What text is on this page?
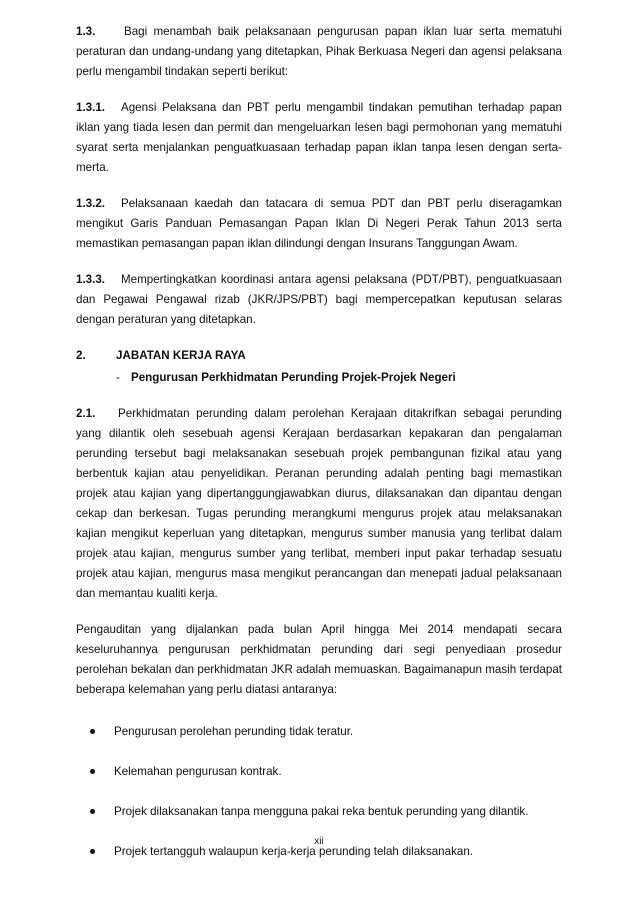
1.3. Bagi menambah baik pelaksanaan pengurusan papan iklan luar serta mematuhi peraturan dan undang-undang yang ditetapkan, Pihak Berkuasa Negeri dan agensi pelaksana perlu mengambil tindakan seperti berikut:

1.3.1. Agensi Pelaksana dan PBT perlu mengambil tindakan pemutihan terhadap papan iklan yang tiada lesen dan permit dan mengeluarkan lesen bagi permohonan yang mematuhi syarat serta menjalankan penguatkuasaan terhadap papan iklan tanpa lesen dengan serta-merta.

1.3.2. Pelaksanaan kaedah dan tatacara di semua PDT dan PBT perlu diseragamkan mengikut Garis Panduan Pemasangan Papan Iklan Di Negeri Perak Tahun 2013 serta memastikan pemasangan papan iklan dilindungi dengan Insurans Tanggungan Awam.

1.3.3. Mempertingkatkan koordinasi antara agensi pelaksana (PDT/PBT), penguatkuasaan dan Pegawai Pengawal rizab (JKR/JPS/PBT) bagi mempercepatkan keputusan selaras dengan peraturan yang ditetapkan.

2.	JABATAN KERJA RAYA
- Pengurusan Perkhidmatan Perunding Projek-Projek Negeri

2.1. Perkhidmatan perunding dalam perolehan Kerajaan ditakrifkan sebagai perunding yang dilantik oleh sesebuah agensi Kerajaan berdasarkan kepakaran dan pengalaman perunding tersebut bagi melaksanakan sesebuah projek pembangunan fizikal atau yang berbentuk kajian atau penyelidikan. Peranan perunding adalah penting bagi memastikan projek atau kajian yang dipertanggungjawabkan diurus, dilaksanakan dan dipantau dengan cekap dan berkesan. Tugas perunding merangkumi mengurus projek atau melaksanakan kajian mengikut keperluan yang ditetapkan, mengurus sumber manusia yang terlibat dalam projek atau kajian, mengurus sumber yang terlibat, memberi input pakar terhadap sesuatu projek atau kajian, mengurus masa mengikut perancangan dan menepati jadual pelaksanaan dan memantau kualiti kerja.

Pengauditan yang dijalankan pada bulan April hingga Mei 2014 mendapati secara keseluruhannya pengurusan perkhidmatan perunding dari segi penyediaan prosedur perolehan bekalan dan perkhidmatan JKR adalah memuaskan. Bagaimanapun masih terdapat beberapa kelemahan yang perlu diatasi antaranya:

Pengurusan perolehan perunding tidak teratur.
Kelemahan pengurusan kontrak.
Projek dilaksanakan tanpa mengguna pakai reka bentuk perunding yang dilantik.
Projek tertangguh walaupun kerja-kerja perunding telah dilaksanakan.
xii
